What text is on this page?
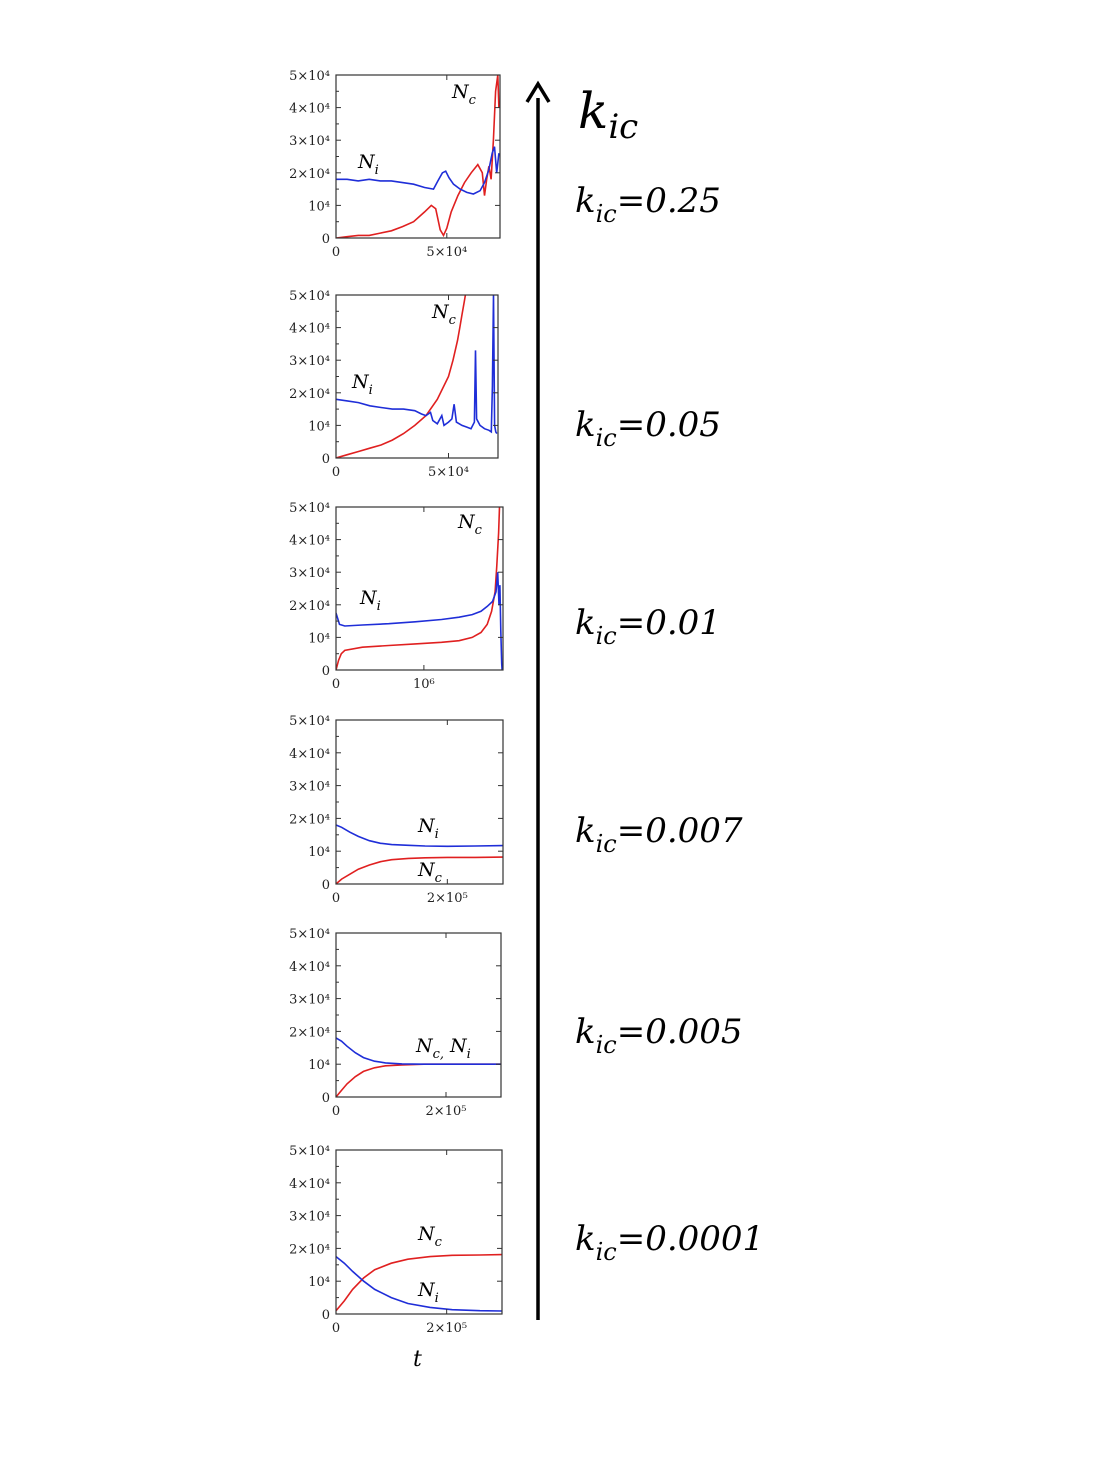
0
10⁴
2×10⁴
3×10⁴
4×10⁴
5×10⁴
0	5×10⁴
$N_c$
$N_i$
0
10⁴
2×10⁴
3×10⁴
4×10⁴
5×10⁴
0	5×10⁴
$N_c$
$N_i$
0
10⁴
2×10⁴
3×10⁴
4×10⁴
5×10⁴
0	10⁶
$N_c$
$N_i$
0
10⁴
2×10⁴
3×10⁴
4×10⁴
5×10⁴
0	2×10⁵
$N_c$
$N_i$
0
10⁴
2×10⁴
3×10⁴
4×10⁴
5×10⁴
0	2×10⁵
$N_{c,}$ $N_i$
0
10⁴
2×10⁴
3×10⁴
4×10⁴
5×10⁴
0	2×10⁵
$N_c$
$N_i$
$k_{ic}$
t
$k_{ic}=0.25$
$k_{ic}=0.05$
$k_{ic}=0.01$
$k_{ic}=0.007$
$k_{ic}=0.005$
$k_{ic}=0.0001$
